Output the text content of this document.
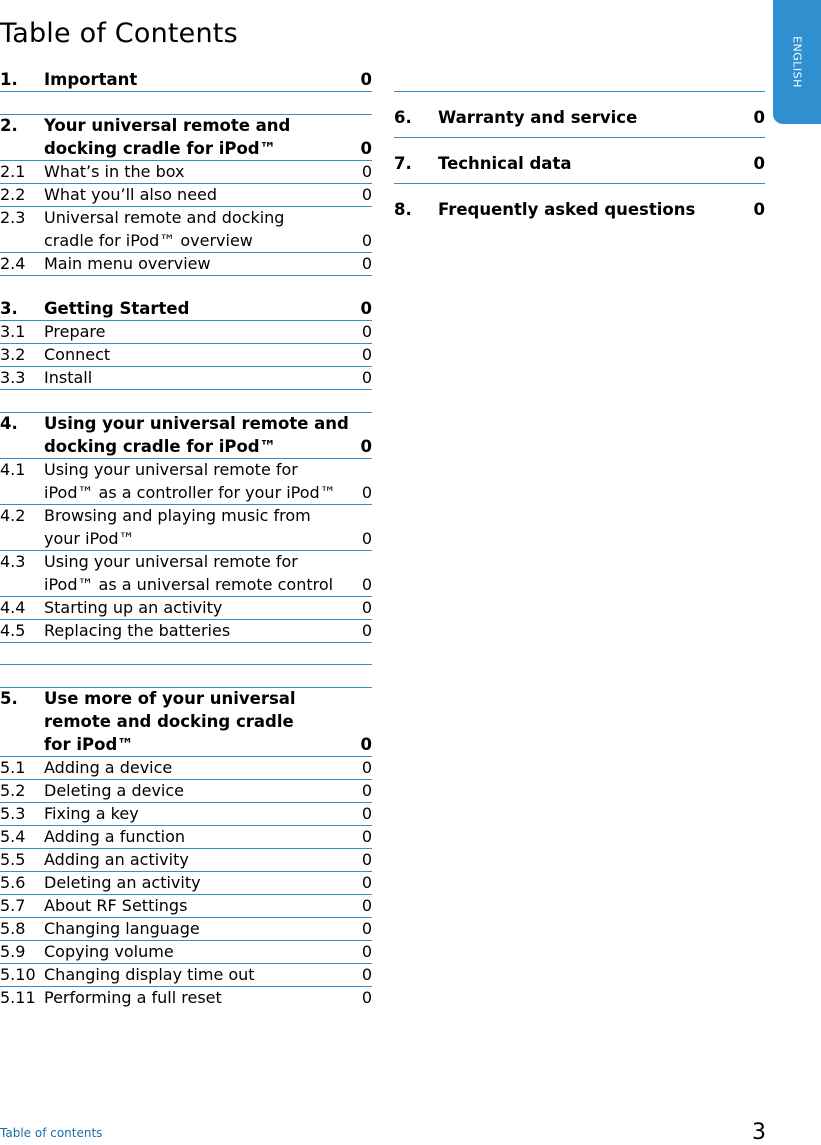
Table of Contents
ENGLISH
1.	Important	0
2.	Your universal remote and
docking cradle for iPod™	0
2.1	What’s in the box	0
2.2	What you’ll also need	0
2.3	Universal remote and docking
cradle for iPod™ overview	0
2.4	Main menu overview	0
3.	Getting Started	0
3.1	Prepare	0
3.2	Connect	0
3.3	Install	0
4.	Using your universal remote and
docking cradle for iPod™	0
4.1	Using your universal remote for
iPod™ as a controller for your iPod™	0
4.2	Browsing and playing music from
your iPod™	0
4.3	Using your universal remote for
iPod™ as a universal remote control	0
4.4	Starting up an activity	0
4.5	Replacing the batteries	0
5.	Use more of your universal
remote and docking cradle
for iPod™	0
5.1	Adding a device	0
5.2	Deleting a device	0
5.3	Fixing a key	0
5.4	Adding a function	0
5.5	Adding an activity	0
5.6	Deleting an activity	0
5.7	About RF Settings	0
5.8	Changing language	0
5.9	Copying volume	0
5.10 Changing display time out	0
5.11 Performing a full reset	0
6.	Warranty and service	0
7.	Technical data	0
8.	Frequently asked questions	0
Table of contents	3
